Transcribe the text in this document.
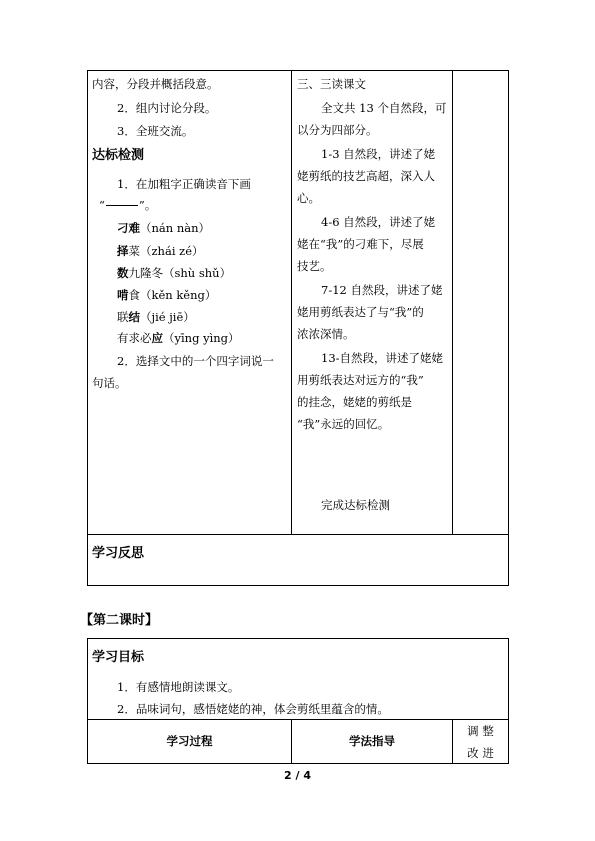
内容，分段并概括段意。
2．组内讨论分段。
3．全班交流。
达标检测
1．在加粗字正确读音下画
“	”。
刁难（nán nàn）
择菜（zhái zé）
数九隆冬（shù shǔ）
啃食（kěn kěng）
联结（jié jiē）
有求必应（yīng yìng）
2．选择文中的一个四字词说一
句话。
三、三读课文
全文共 13 个自然段，可
以分为四部分。
1-3 自然段，讲述了姥
姥剪纸的技艺高超，深入人
心。
4-6 自然段，讲述了姥
姥在“我”的刁难下，尽展
技艺。
7-12 自然段，讲述了姥
姥用剪纸表达了与“我”的
浓浓深情。
13-自然段，讲述了姥姥
用剪纸表达对远方的“我”
的挂念，姥姥的剪纸是
“我”永远的回忆。
完成达标检测
学习反思
【第二课时】
学习目标
1．有感情地朗读课文。
2．品味词句，感悟姥姥的神，体会剪纸里蕴含的情。
学习过程	学法指导
调 整
改 进
2 / 4
